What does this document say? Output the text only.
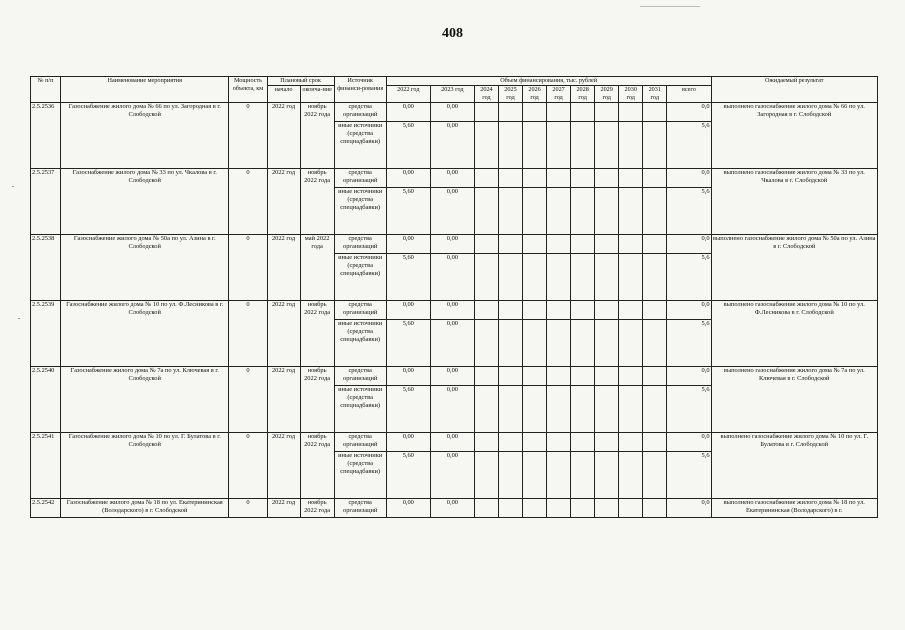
408
№ п/п	Наименование мероприятия	Мощность объекта, км	Плановый срок		Источник финанси-рования	Объем финансирования, тыс. рублей											Ожидаемый результат
			начало	оконча-ние		2022 год	2023 год	2024 год	2025 год	2026 год	2027 год	2028 год	2029 год	2030 год	2031 год	всего	
2.5.2536	Газоснабжение жилого дома № 66 по ул. Загородная в г. Слободской	0	2022 год	ноябрь 2022 года	средства организаций	0,00	0,00									0,0	выполнено газоснабжение жилого дома № 66 по ул. Загородная в г. Слободской
					иные источники (средства спецнадбавки)	5,60	0,00									5,6	
2.5.2537	Газоснабжение жилого дома № 33 по ул. Чкалова в г. Слободской	0	2022 год	ноябрь 2022 года	средства организаций	0,00	0,00									0,0	выполнено газоснабжение жилого дома № 33 по ул. Чкалова в г. Слободской
					иные источники (средства спецнадбавки)	5,60	0,00									5,6	
2.5.2538	Газоснабжение жилого дома № 50а по ул. Азина в г. Слободской	0	2022 год	май 2022 года	средства организаций	0,00	0,00									0,0	выполнено газоснабжение жилого дома № 50а по ул. Азина в г. Слободской
					иные источники (средства спецнадбавки)	5,60	0,00									5,6	
2.5.2539	Газоснабжение жилого дома № 10 по ул. Ф.Лесникова в г. Слободской	0	2022 год	ноябрь 2022 года	средства организаций	0,00	0,00									0,0	выполнено газоснабжение жилого дома № 10 по ул. Ф.Лесникова в г. Слободской
					иные источники (средства спецнадбавки)	5,60	0,00									5,6	
2.5.2540	Газоснабжение жилого дома № 7а по ул. Ключевая в г. Слободской	0	2022 год	ноябрь 2022 года	средства организаций	0,00	0,00									0,0	выполнено газоснабжение жилого дома № 7а по ул. Ключевая в г. Слободской
					иные источники (средства спецнадбавки)	5,60	0,00									5,6	
2.5.2541	Газоснабжение жилого дома № 10 по ул. Г. Булатова в г. Слободской	0	2022 год	ноябрь 2022 года	средства организаций	0,00	0,00									0,0	выполнено газоснабжение жилого дома № 10 по ул. Г. Булатова в г. Слободской
					иные источники (средства спецнадбавки)	5,60	0,00									5,6	
2.5.2542	Газоснабжение жилого дома № 18 по ул. Екатерининская (Володарского) в г. Слободской	0	2022 год	ноябрь 2022 года	средства организаций	0,00	0,00									0,0	выполнено газоснабжение жилого дома № 18 по ул. Екатерининская (Володарского) в г.
